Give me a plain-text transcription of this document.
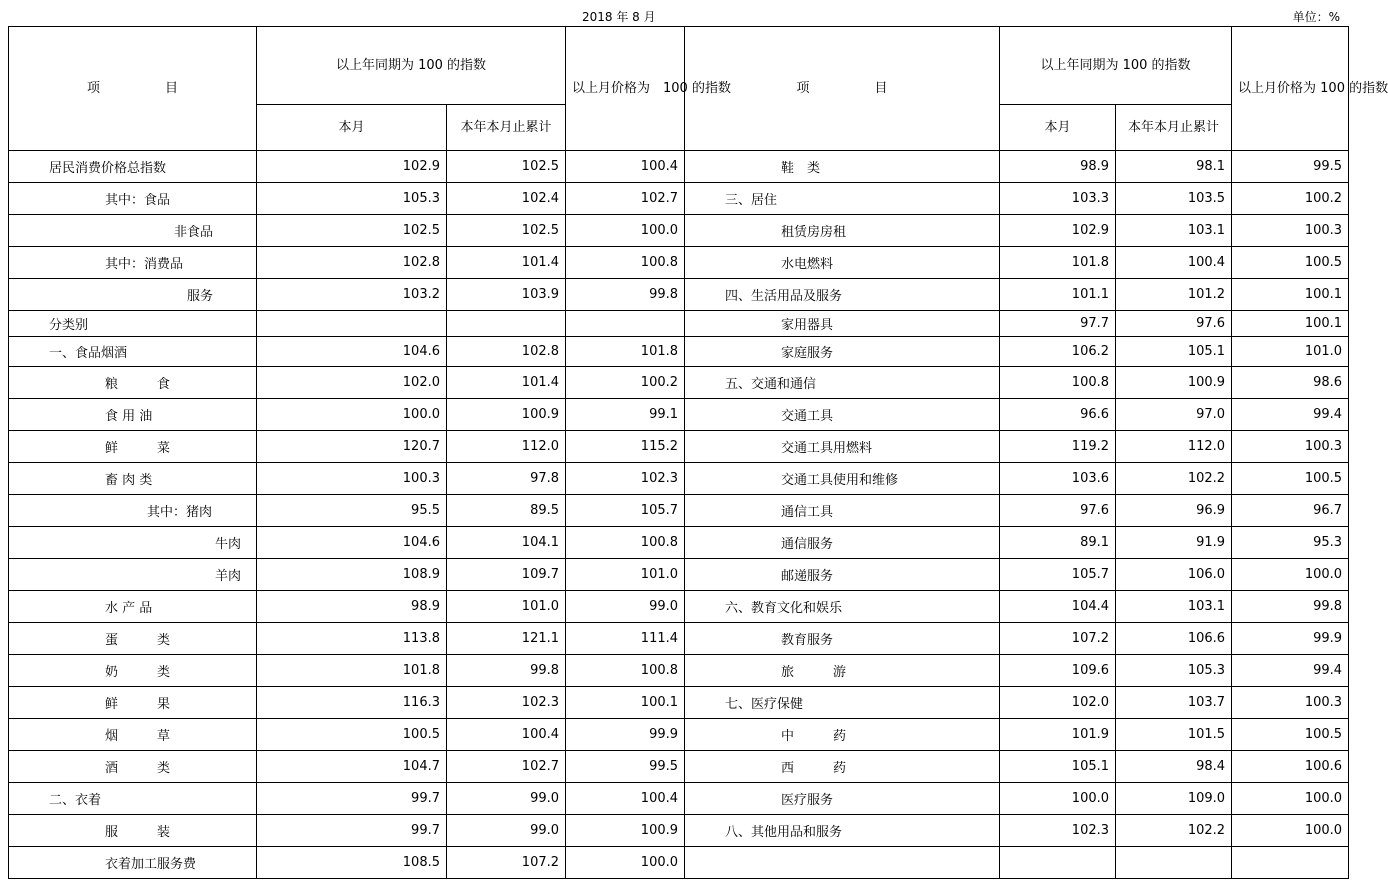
2018 年 8 月	单位：%
项　　　　　目	以上年同期为 100 的指数		以上月价格为　100 的指数	项　　　　　目	以上年同期为 100 的指数		以上月价格为 100 的指数
	本月	本年本月止累计			本月	本年本月止累计	
居民消费价格总指数	102.9	102.5	100.4	鞋　类	98.9	98.1	99.5
其中：食品	105.3	102.4	102.7	三、居住	103.3	103.5	100.2
非食品	102.5	102.5	100.0	租赁房房租	102.9	103.1	100.3
其中：消费品	102.8	101.4	100.8	水电燃料	101.8	100.4	100.5
服务	103.2	103.9	99.8	四、生活用品及服务	101.1	101.2	100.1
分类别				家用器具	97.7	97.6	100.1
一、食品烟酒	104.6	102.8	101.8	家庭服务	106.2	105.1	101.0
粮　　　食	102.0	101.4	100.2	五、交通和通信	100.8	100.9	98.6
食 用 油	100.0	100.9	99.1	交通工具	96.6	97.0	99.4
鲜　　　菜	120.7	112.0	115.2	交通工具用燃料	119.2	112.0	100.3
畜 肉 类	100.3	97.8	102.3	交通工具使用和维修	103.6	102.2	100.5
其中：猪肉	95.5	89.5	105.7	通信工具	97.6	96.9	96.7
牛肉	104.6	104.1	100.8	通信服务	89.1	91.9	95.3
羊肉	108.9	109.7	101.0	邮递服务	105.7	106.0	100.0
水 产 品	98.9	101.0	99.0	六、教育文化和娱乐	104.4	103.1	99.8
蛋　　　类	113.8	121.1	111.4	教育服务	107.2	106.6	99.9
奶　　　类	101.8	99.8	100.8	旅　　　游	109.6	105.3	99.4
鲜　　　果	116.3	102.3	100.1	七、医疗保健	102.0	103.7	100.3
烟　　　草	100.5	100.4	99.9	中　　　药	101.9	101.5	100.5
酒　　　类	104.7	102.7	99.5	西　　　药	105.1	98.4	100.6
二、衣着	99.7	99.0	100.4	医疗服务	100.0	109.0	100.0
服　　　装	99.7	99.0	100.9	八、其他用品和服务	102.3	102.2	100.0
衣着加工服务费	108.5	107.2	100.0				
